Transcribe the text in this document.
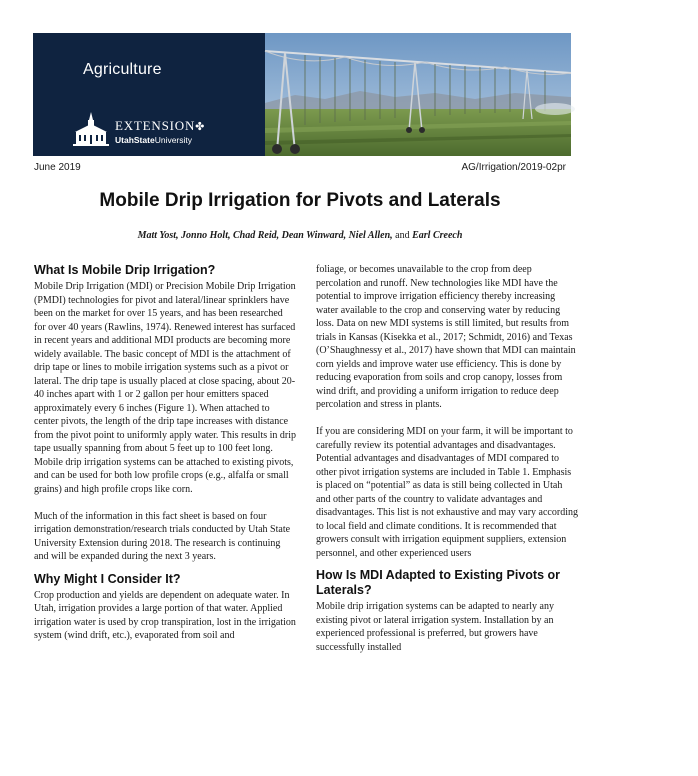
Agriculture
EXTENSION✤
UtahStateUniversity
extension.usu.edu
June 2019	AG/Irrigation/2019-02pr
Mobile Drip Irrigation for Pivots and Laterals
Matt Yost, Jonno Holt, Chad Reid, Dean Winward, Niel Allen, and Earl Creech
What Is Mobile Drip Irrigation?

Mobile Drip Irrigation (MDI) or Precision Mobile Drip Irrigation (PMDI) technologies for pivot and lateral/linear sprinklers have been on the market for over 15 years, and has been researched for over 40 years (Rawlins, 1974). Renewed interest has surfaced in recent years and additional MDI products are becoming more widely available. The basic concept of MDI is the attachment of drip tape or lines to mobile irrigation systems such as a pivot or lateral. The drip tape is usually placed at close spacing, about 20-40 inches apart with 1 or 2 gallon per hour emitters spaced approximately every 6 inches (Figure 1). When attached to center pivots, the length of the drip tape increases with distance from the pivot point to uniformly apply water. This results in drip tape usually spanning from about 5 feet up to 100 feet long. Mobile drip irrigation systems can be attached to existing pivots, and can be used for both low profile crops (e.g., alfalfa or small grains) and high profile crops like corn.

Much of the information in this fact sheet is based on four irrigation demonstration/research trials conducted by Utah State University Extension during 2018. The research is continuing and will be expanded during the next 3 years.

Why Might I Consider It?

Crop production and yields are dependent on adequate water. In Utah, irrigation provides a large portion of that water. Applied irrigation water is used by crop transpiration, lost in the irrigation system (wind drift, etc.), evaporated from soil and

foliage, or becomes unavailable to the crop from deep percolation and runoff. New technologies like MDI have the potential to improve irrigation efficiency thereby increasing water available to the crop and conserving water by reducing loss. Data on new MDI systems is still limited, but results from trials in Kansas (Kisekka et al., 2017; Schmidt, 2016) and Texas (O’Shaughnessy et al., 2017) have shown that MDI can maintain corn yields and improve water use efficiency. This is done by reducing evaporation from soils and crop canopy, losses from wind drift, and providing a uniform irrigation to reduce deep percolation and stress in plants.

If you are considering MDI on your farm, it will be important to carefully review its potential advantages and disadvantages. Potential advantages and disadvantages of MDI compared to other pivot irrigation systems are included in Table 1. Emphasis is placed on “potential” as data is still being collected in Utah and other parts of the country to validate advantages and disadvantages. This list is not exhaustive and may vary according to local field and climate conditions. It is recommended that growers consult with irrigation equipment suppliers, extension personnel, and other experienced users

How Is MDI Adapted to Existing Pivots or Laterals?

Mobile drip irrigation systems can be adapted to nearly any existing pivot or lateral irrigation system. Installation by an experienced professional is preferred, but growers have successfully installed
